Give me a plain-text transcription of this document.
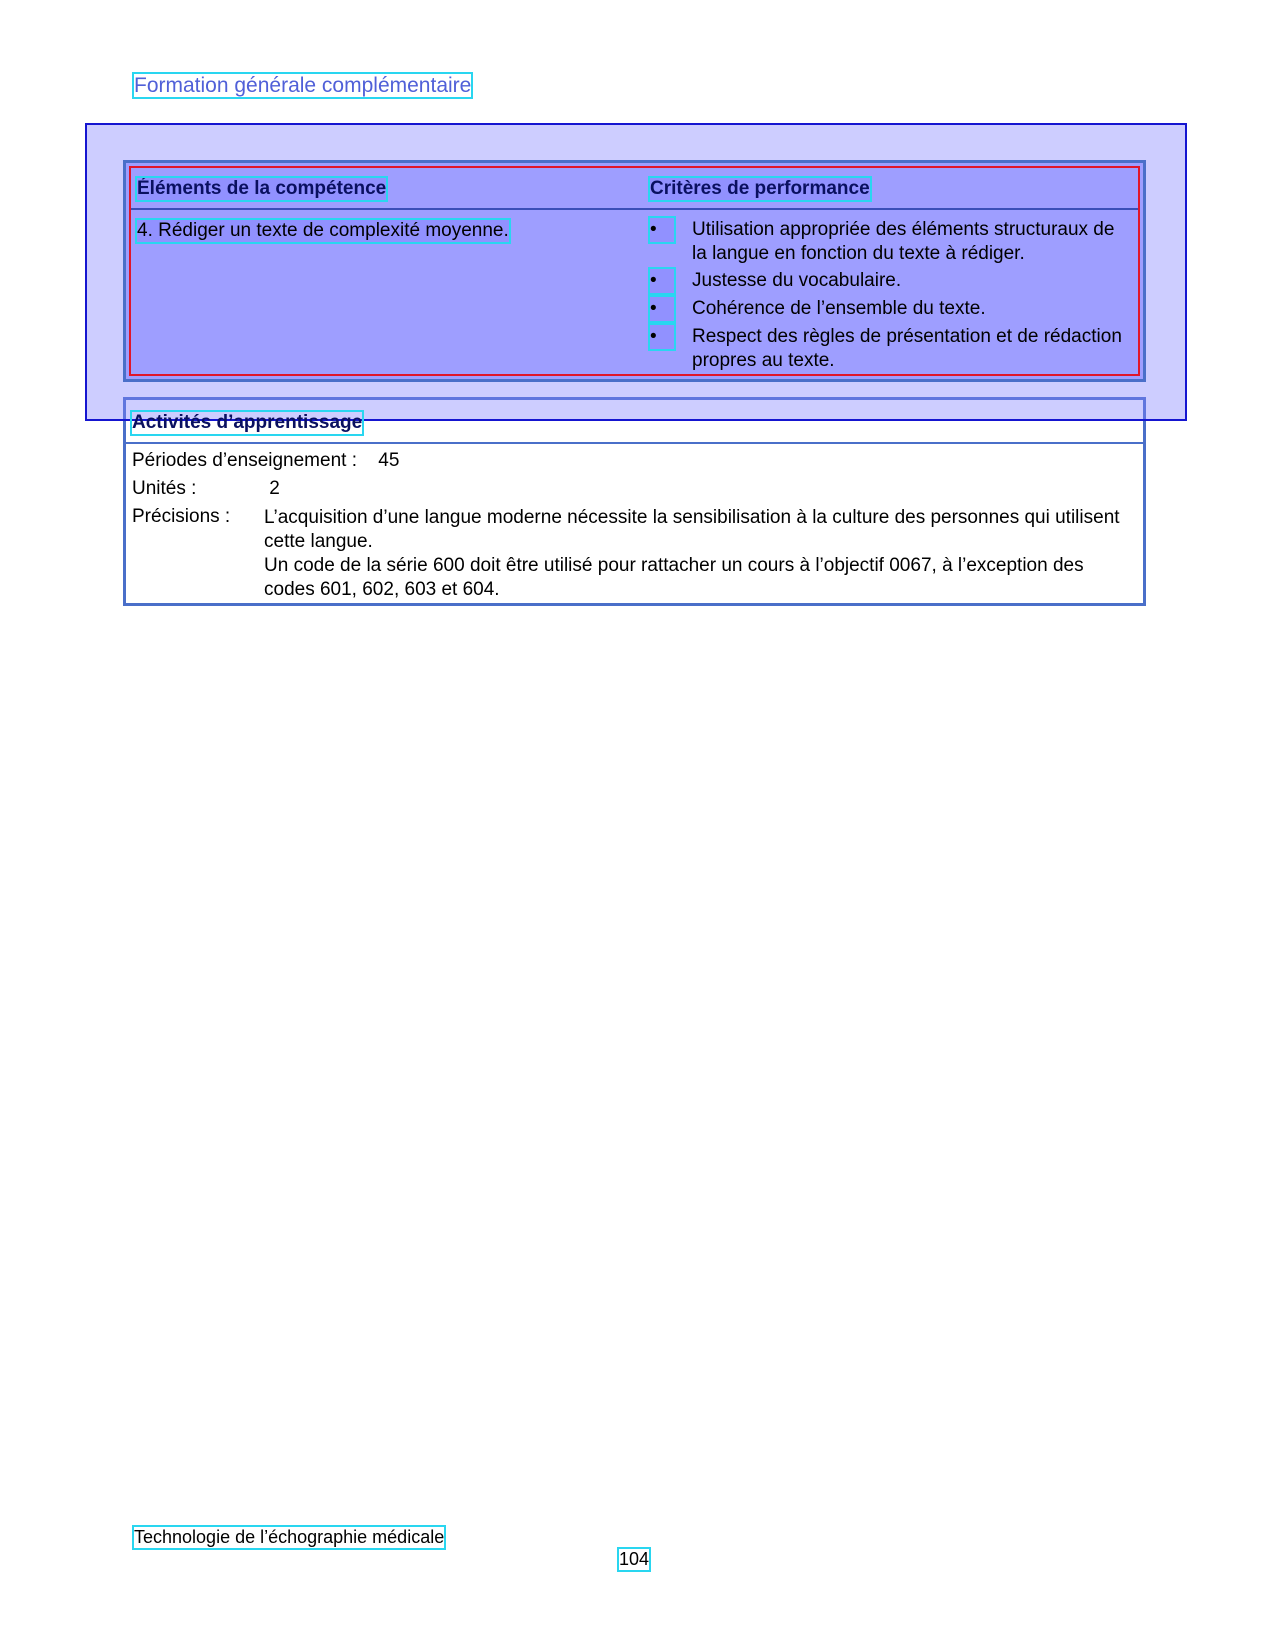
Formation générale complémentaire
Éléments de la compétence	Critères de performance
4. Rédiger un texte de complexité moyenne.	•	Utilisation appropriée des éléments structuraux de la langue en fonction du texte à rédiger.
•	Justesse du vocabulaire.
•	Cohérence de l’ensemble du texte.
•	Respect des règles de présentation et de rédaction propres au texte.
Activités d’apprentissage
Périodes d’enseignement : 45
Unités :	2
Précisions : L’acquisition d’une langue moderne nécessite la sensibilisation à la culture des personnes qui utilisent cette langue.
Un code de la série 600 doit être utilisé pour rattacher un cours à l’objectif 0067, à l’exception des codes 601, 602, 603 et 604.
Technologie de l’échographie médicale
104
